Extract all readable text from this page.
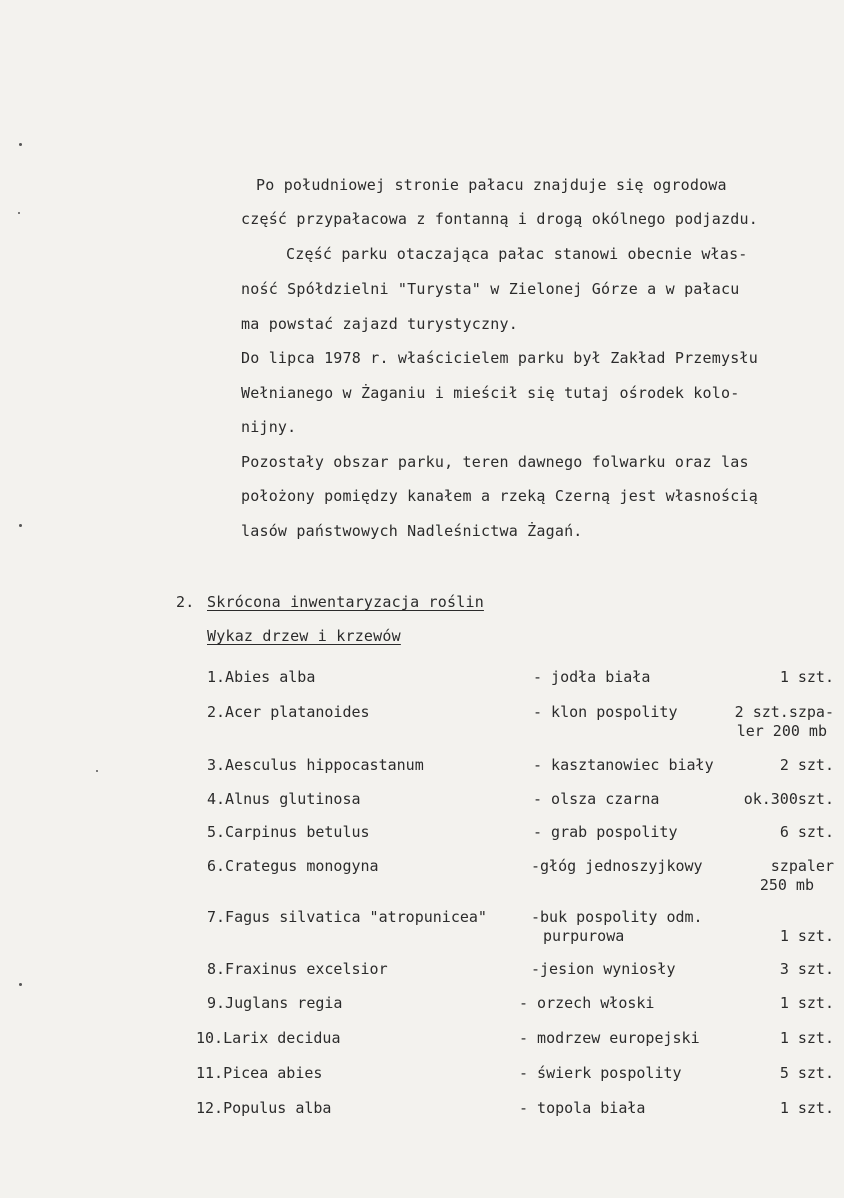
Po południowej stronie pałacu znajduje się ogrodowa
część przypałacowa z fontanną i drogą okólnego podjazdu.
Część parku otaczająca pałac stanowi obecnie włas-
ność Spółdzielni "Turysta" w Zielonej Górze a w pałacu
ma powstać zajazd turystyczny.
Do lipca 1978 r. właścicielem parku był Zakład Przemysłu
Wełnianego w Żaganiu i mieścił się tutaj ośrodek kolo-
nijny.
Pozostały obszar parku, teren dawnego folwarku oraz las
położony pomiędzy kanałem a rzeką Czerną jest własnością
lasów państwowych Nadleśnictwa Żagań.
2. Skrócona inwentaryzacja roślin
Wykaz drzew i krzewów
1.Abies alba	- jodła biała	1 szt.
2.Acer platanoides	- klon pospolity	2 szt.szpa-
ler 200 mb
3.Aesculus hippocastanum	- kasztanowiec biały	2 szt.
4.Alnus glutinosa	- olsza czarna	ok.300szt.
5.Carpinus betulus	- grab pospolity	6 szt.
6.Crategus monogyna	-głóg jednoszyjkowy	szpaler
250 mb
7.Fagus silvatica "atropunicea"	-buk pospolity odm.
purpurowa	1 szt.
8.Fraxinus excelsior	-jesion wyniosły	3 szt.
9.Juglans regia	- orzech włoski	1 szt.
10.Larix decidua	- modrzew europejski	1 szt.
11.Picea abies	- świerk pospolity	5 szt.
12.Populus alba	- topola biała	1 szt.
